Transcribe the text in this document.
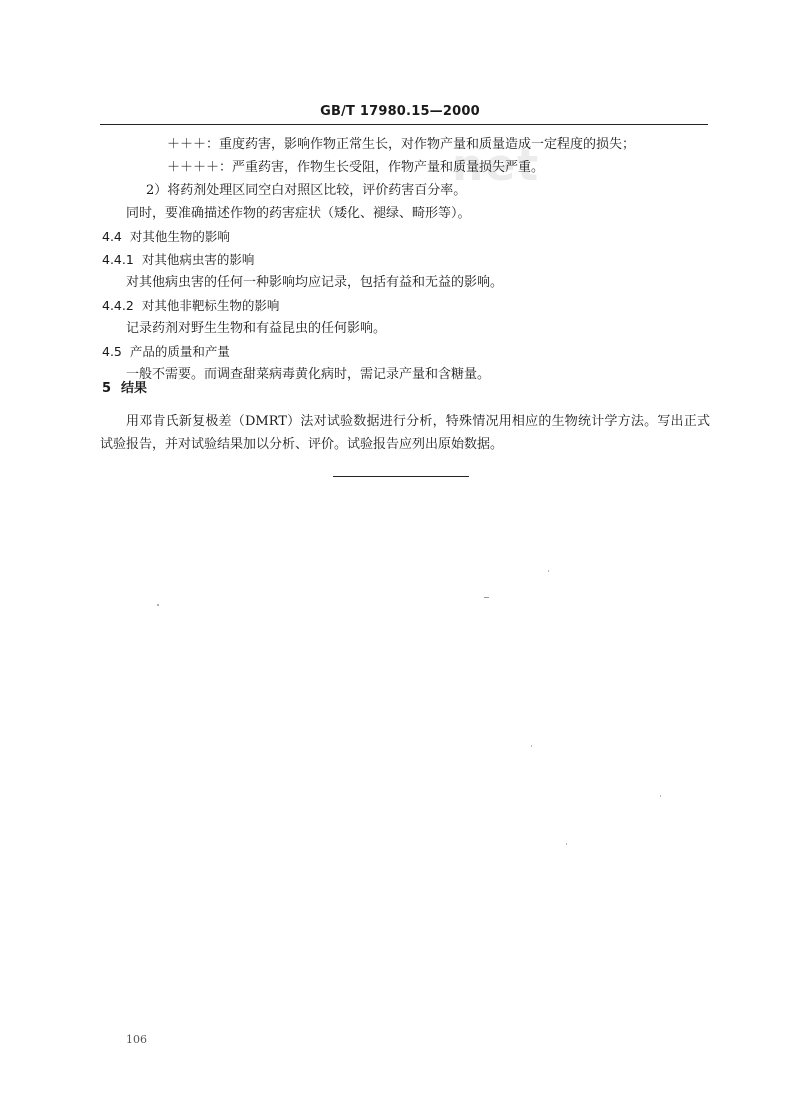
GB/T 17980.15—2000
net
＋＋＋：重度药害，影响作物正常生长，对作物产量和质量造成一定程度的损失；
＋＋＋＋：严重药害，作物生长受阻，作物产量和质量损失严重。
2）将药剂处理区同空白对照区比较，评价药害百分率。
同时，要准确描述作物的药害症状（矮化、褪绿、畸形等）。
4.4 对其他生物的影响
4.4.1 对其他病虫害的影响
对其他病虫害的任何一种影响均应记录，包括有益和无益的影响。
4.4.2 对其他非靶标生物的影响
记录药剂对野生生物和有益昆虫的任何影响。
4.5 产品的质量和产量
一般不需要。而调查甜菜病毒黄化病时，需记录产量和含糖量。
5 结果
用邓肯氏新复极差（DMRT）法对试验数据进行分析，特殊情况用相应的生物统计学方法。写出正式试验报告，并对试验结果加以分析、评价。试验报告应列出原始数据。
106
